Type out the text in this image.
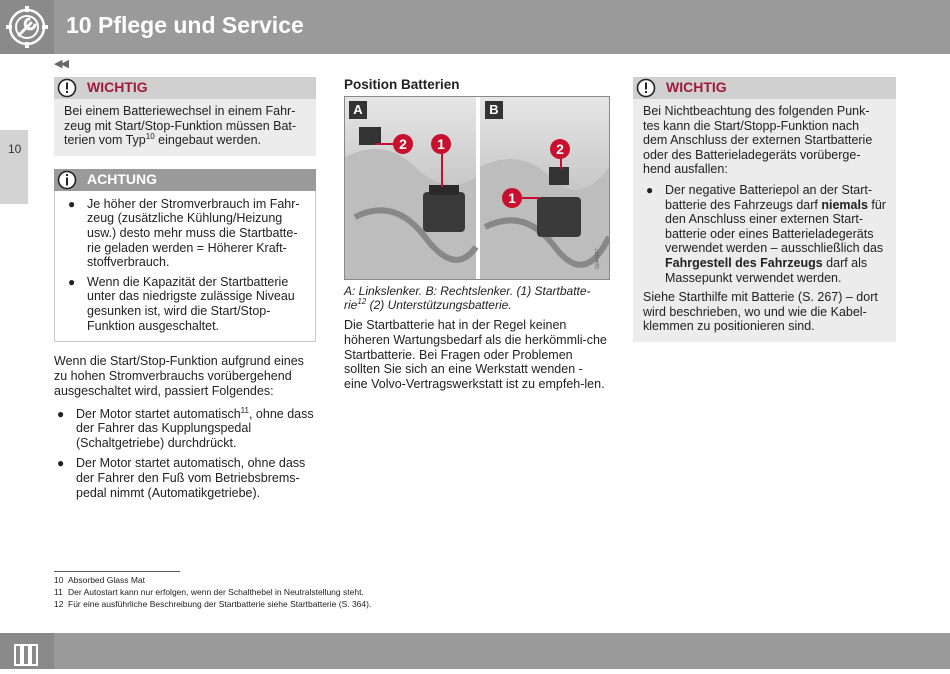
10 Pflege und Service
◀◀
10
WICHTIG
Bei einem Batteriewechsel in einem Fahr-zeug mit Start/Stop-Funktion müssen Bat-terien vom Typ$^{10}$ eingebaut werden.
ACHTUNG
● Je höher der Stromverbrauch im Fahr-zeug (zusätzliche Kühlung/Heizung usw.) desto mehr muss die Startbatte-rie geladen werden = Höherer Kraft-stoffverbrauch.
● Wenn die Kapazität der Startbatterie unter das niedrigste zulässige Niveau gesunken ist, wird die Start/Stop-Funktion ausgeschaltet.

Wenn die Start/Stop-Funktion aufgrund eines zu hohen Stromverbrauchs vorübergehend ausgeschaltet wird, passiert Folgendes:

● Der Motor startet automatisch$^{11}$, ohne dass der Fahrer das Kupplungspedal (Schaltgetriebe) durchdrückt.
● Der Motor startet automatisch, ohne dass der Fahrer den Fuß vom Betriebsbrems-pedal nimmt (Automatikgetriebe).
Position Batterien
G044747
A	B
2	1	2
1

A: Linkslenker. B: Rechtslenker. (1) Startbatte-rie$^{12}$ (2) Unterstützungsbatterie.

Die Startbatterie hat in der Regel keinen höheren Wartungsbedarf als die herkömmli-che Startbatterie. Bei Fragen oder Problemen sollten Sie sich an eine Werkstatt wenden - eine Volvo-Vertragswerkstatt ist zu empfeh-len.

WICHTIG
Bei Nichtbeachtung des folgenden Punk-tes kann die Start/Stopp-Funktion nach dem Anschluss der externen Startbatterie oder des Batterieladegeräts vorüberge-hend ausfallen:
● Der negative Batteriepol an der Start-batterie des Fahrzeugs darf niemals für den Anschluss einer externen Start-batterie oder eines Batterieladegeräts verwendet werden – ausschließlich das Fahrgestell des Fahrzeugs darf als Massepunkt verwendet werden.
Siehe Starthilfe mit Batterie (S. 267) – dort wird beschrieben, wo und wie die Kabel-klemmen zu positionieren sind.
10 Absorbed Glass Mat
11 Der Autostart kann nur erfolgen, wenn der Schalthebel in Neutralstellung steht.
12 Für eine ausführliche Beschreibung der Startbatterie siehe Startbatterie (S. 364).
